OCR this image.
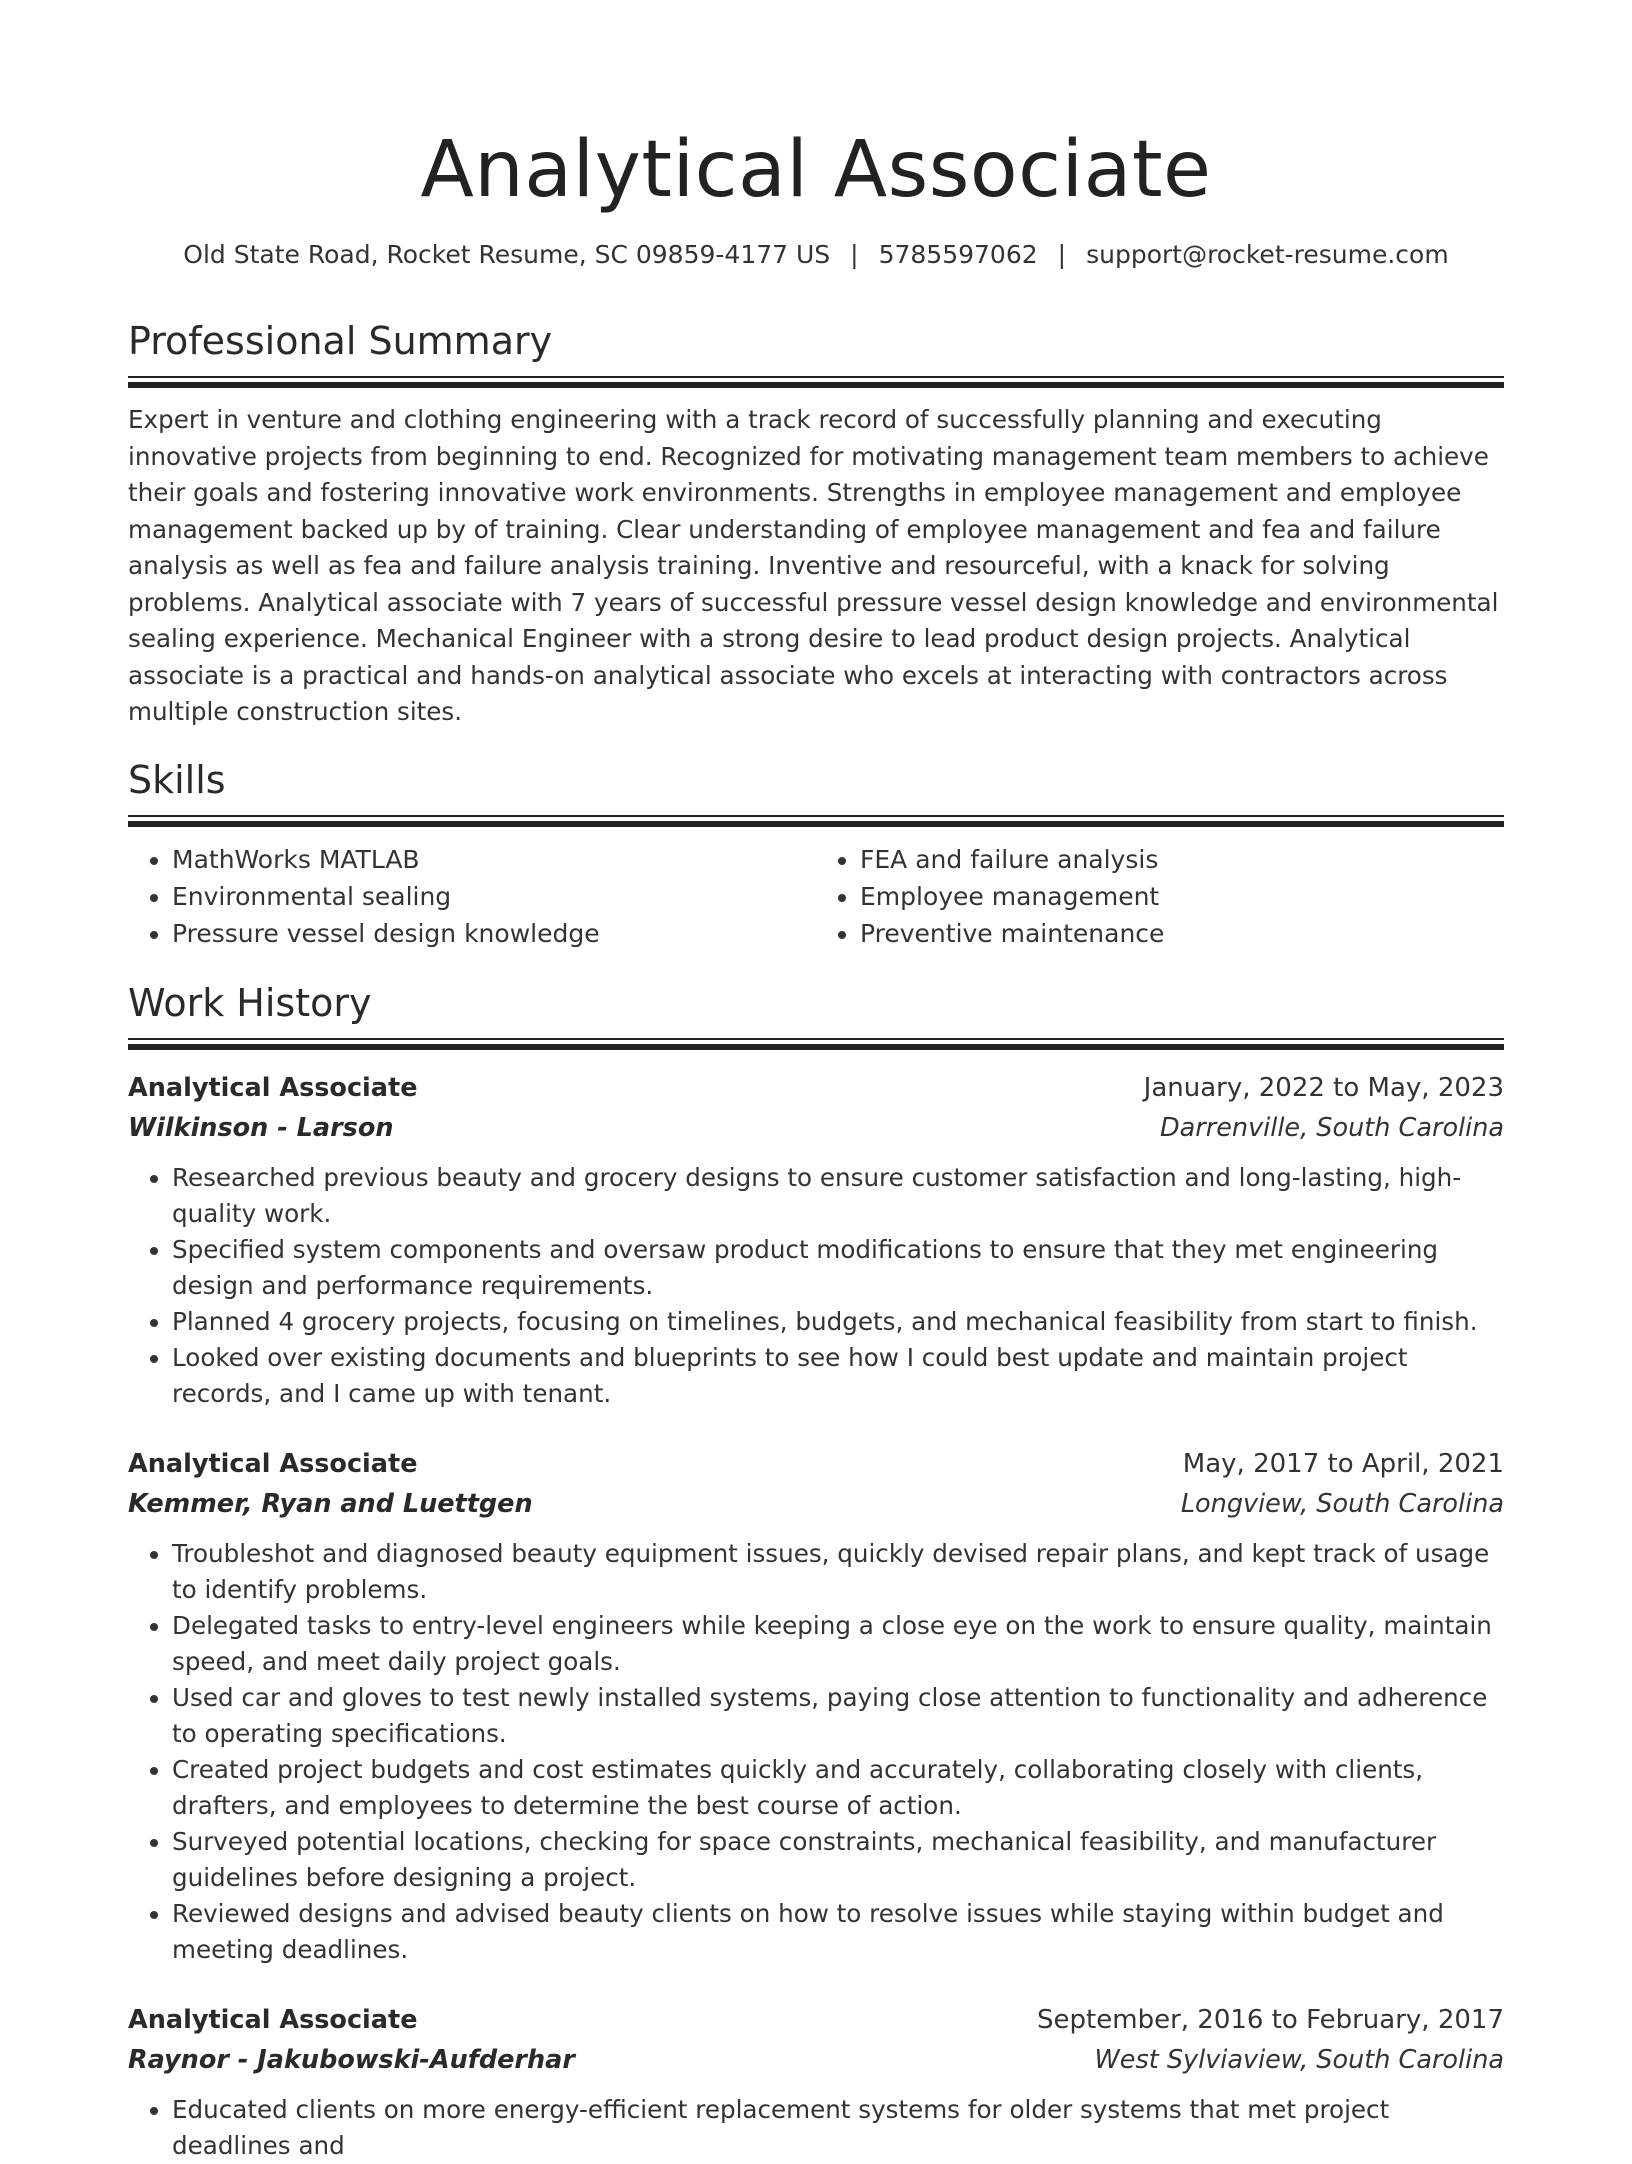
Analytical Associate
Old State Road, Rocket Resume, SC 09859-4177 US | 5785597062 | support@rocket-resume.com
Professional Summary
Expert in venture and clothing engineering with a track record of successfully planning and executing innovative projects from beginning to end. Recognized for motivating management team members to achieve their goals and fostering innovative work environments. Strengths in employee management and employee management backed up by of training. Clear understanding of employee management and fea and failure analysis as well as fea and failure analysis training. Inventive and resourceful, with a knack for solving problems. Analytical associate with 7 years of successful pressure vessel design knowledge and environmental sealing experience. Mechanical Engineer with a strong desire to lead product design projects. Analytical associate is a practical and hands-on analytical associate who excels at interacting with contractors across multiple construction sites.
Skills
• MathWorks MATLAB
• Environmental sealing
• Pressure vessel design knowledge
• FEA and failure analysis
• Employee management
• Preventive maintenance
Work History
Analytical Associate	January, 2022 to May, 2023
Wilkinson - Larson	Darrenville, South Carolina
• Researched previous beauty and grocery designs to ensure customer satisfaction and long-lasting, high-quality work.
• Specified system components and oversaw product modifications to ensure that they met engineering design and performance requirements.
• Planned 4 grocery projects, focusing on timelines, budgets, and mechanical feasibility from start to finish.
• Looked over existing documents and blueprints to see how I could best update and maintain project records, and I came up with tenant.
Analytical Associate	May, 2017 to April, 2021
Kemmer, Ryan and Luettgen	Longview, South Carolina
• Troubleshot and diagnosed beauty equipment issues, quickly devised repair plans, and kept track of usage to identify problems.
• Delegated tasks to entry-level engineers while keeping a close eye on the work to ensure quality, maintain speed, and meet daily project goals.
• Used car and gloves to test newly installed systems, paying close attention to functionality and adherence to operating specifications.
• Created project budgets and cost estimates quickly and accurately, collaborating closely with clients, drafters, and employees to determine the best course of action.
• Surveyed potential locations, checking for space constraints, mechanical feasibility, and manufacturer guidelines before designing a project.
• Reviewed designs and advised beauty clients on how to resolve issues while staying within budget and meeting deadlines.
Analytical Associate	September, 2016 to February, 2017
Raynor - Jakubowski-Aufderhar	West Sylviaview, South Carolina
• Educated clients on more energy-efficient replacement systems for older systems that met project deadlines and
